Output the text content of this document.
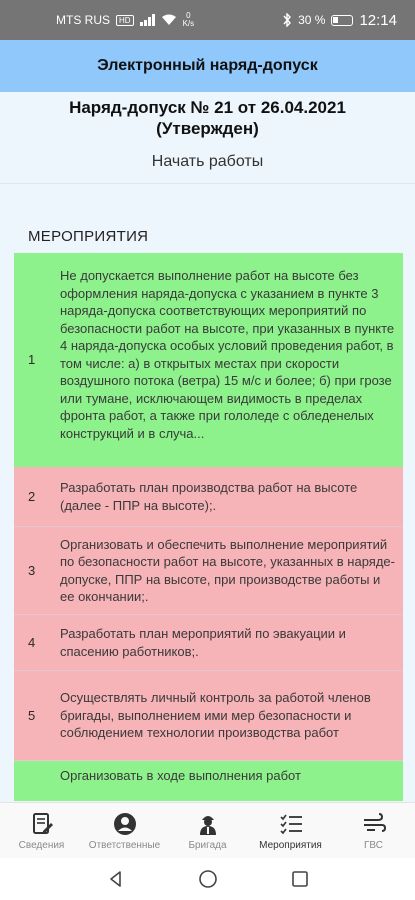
MTS RUS	HD	0
K/s	30 % 12:14
Электронный наряд-допуск
Наряд-допуск № 21 от 26.04.2021
(Утвержден)
Начать работы
МЕРОПРИЯТИЯ
1
Не допускается выполнение работ на высоте без оформления наряда-допуска с указанием в пункте 3 наряда-допуска соответствующих мероприятий по безопасности работ на высоте, при указанных в пункте 4 наряда-допуска особых условий проведения работ, в том числе: а) в открытых местах при скорости воздушного потока (ветра) 15 м/с и более; б) при грозе или тумане, исключающем видимость в пределах фронта работ, а также при гололеде с обледенелых конструкций и в случа...
2
Разработать план производства работ на высоте (далее - ППР на высоте);.
3
Организовать и обеспечить выполнение мероприятий по безопасности работ на высоте, указанных в наряде-допуске, ППР на высоте, при производстве работы и ее окончании;.
4
Разработать план мероприятий по эвакуации и спасению работников;.
5
Осуществлять личный контроль за работой членов бригады, выполнением ими мер безопасности и соблюдением технологии производства работ
Организовать в ходе выполнения работ
Сведения Ответственные	Бригада	Мероприятия	ГВС
